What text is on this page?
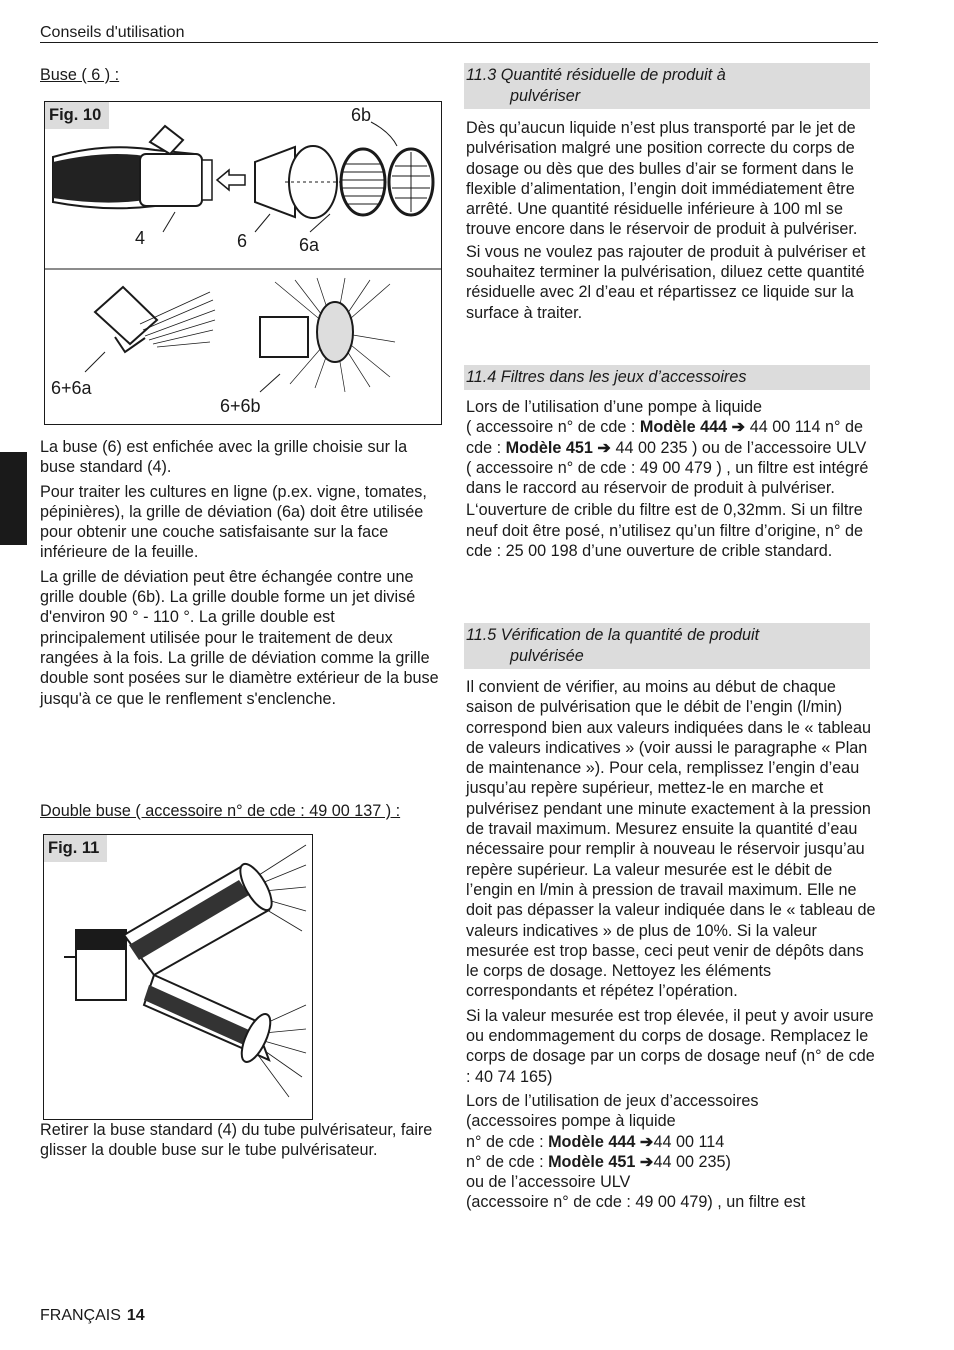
Conseils d'utilisation
Buse ( 6 ) :
Fig. 10	6b
4	6	6a
6+6a
6+6b

La buse (6) est enfichée avec la grille choisie sur la buse standard (4).

Pour traiter les cultures en ligne (p.ex. vigne, tomates, pépinières), la grille de déviation (6a) doit être utilisée pour obtenir une couche satisfaisante sur la face inférieure de la feuille.

La grille de déviation peut être échangée contre une grille double (6b). La grille double forme un jet divisé d'environ 90 ° - 110 °. La grille double est principalement utilisée pour le traitement de deux rangées à la fois. La grille de déviation comme la grille double sont posées sur le diamètre extérieur de la buse jusqu'à ce que le renflement s'enclenche.

Double buse ( accessoire n° de cde : 49 00 137 ) :
Fig. 11
Retirer la buse standard (4) du tube pulvérisateur, faire glisser la double buse sur le tube pulvérisateur.
11.3 Quantité résiduelle de produit à
pulvériser

Dès qu’aucun liquide n’est plus transporté par le jet de pulvérisation malgré une position correcte du corps de dosage ou dès que des bulles d’air se forment dans le flexible d’alimentation, l’engin doit immédiatement être arrêté. Une quantité résiduelle inférieure à 100 ml se trouve encore dans le réservoir de produit à pulvériser.

Si vous ne voulez pas rajouter de produit à pulvériser et souhaitez terminer la pulvérisation, diluez cette quantité résiduelle avec 2l d’eau et répartissez ce liquide sur la surface à traiter.

11.4 Filtres dans les jeux d’accessoires

Lors de l’utilisation d’une pompe à liquide
( accessoire n° de cde : Modèle 444 ➔ 44 00 114 n° de cde : Modèle 451 ➔ 44 00 235 ) ou de l’accessoire ULV ( accessoire n° de cde : 49 00 479 ) , un filtre est intégré dans le raccord au réservoir de produit à pulvériser.

L‘ouverture de crible du filtre est de 0,32mm. Si un filtre neuf doit être posé, n’utilisez qu’un filtre d’origine, n° de cde : 25 00 198 d’une ouverture de crible standard.

11.5 Vérification de la quantité de produit
pulvérisée

Il convient de vérifier, au moins au début de chaque saison de pulvérisation que le débit de l’engin (l/min) correspond bien aux valeurs indiquées dans le « tableau de valeurs indicatives » (voir aussi le paragraphe « Plan de maintenance »). Pour cela, remplissez l’engin d’eau jusqu’au repère supérieur, mettez-le en marche et pulvérisez pendant une minute exactement à la pression de travail maximum. Mesurez ensuite la quantité d’eau nécessaire pour remplir à nouveau le réservoir jusqu’au repère supérieur. La valeur mesurée est le débit de l’engin en l/min à pression de travail maximum. Elle ne doit pas dépasser la valeur indiquée dans le « tableau de valeurs indicatives » de plus de 10%. Si la valeur mesurée est trop basse, ceci peut venir de dépôts dans le corps de dosage. Nettoyez les éléments correspondants et répétez l’opération.

Si la valeur mesurée est trop élevée, il peut y avoir usure ou endommagement du corps de dosage. Remplacez le corps de dosage par un corps de dosage neuf (n° de cde : 40 74 165)

Lors de l’utilisation de jeux d’accessoires
(accessoires pompe à liquide
n° de cde : Modèle 444 ➔44 00 114
n° de cde : Modèle 451 ➔44 00 235)
ou de l’accessoire ULV
(accessoire n° de cde : 49 00 479) , un filtre est

FRANÇAIS 14
